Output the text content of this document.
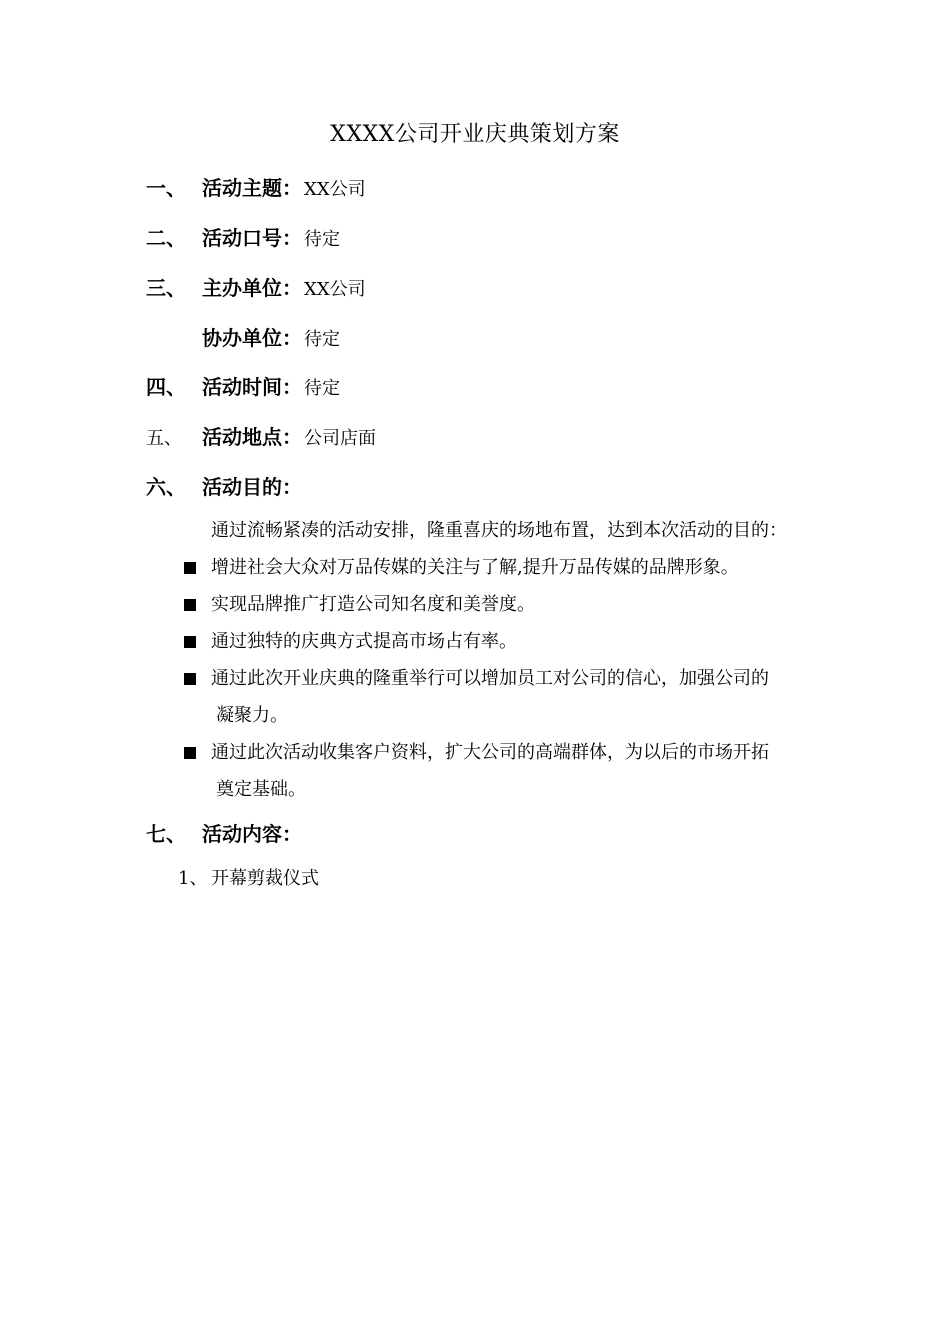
XXXX公司开业庆典策划方案
一、 活动主题： XX公司
二、 活动口号： 待定
三、 主办单位： XX公司
协办单位： 待定
四、 活动时间： 待定
五、	活动地点： 公司店面
六、 活动目的：
通过流畅紧凑的活动安排，隆重喜庆的场地布置，达到本次活动的目的：
增进社会大众对万品传媒的关注与了解,提升万品传媒的品牌形象。
实现品牌推广打造公司知名度和美誉度。
通过独特的庆典方式提高市场占有率。
通过此次开业庆典的隆重举行可以增加员工对公司的信心，加强公司的
凝聚力。
通过此次活动收集客户资料，扩大公司的高端群体，为以后的市场开拓
奠定基础。
七、 活动内容：
1、 开幕剪裁仪式
